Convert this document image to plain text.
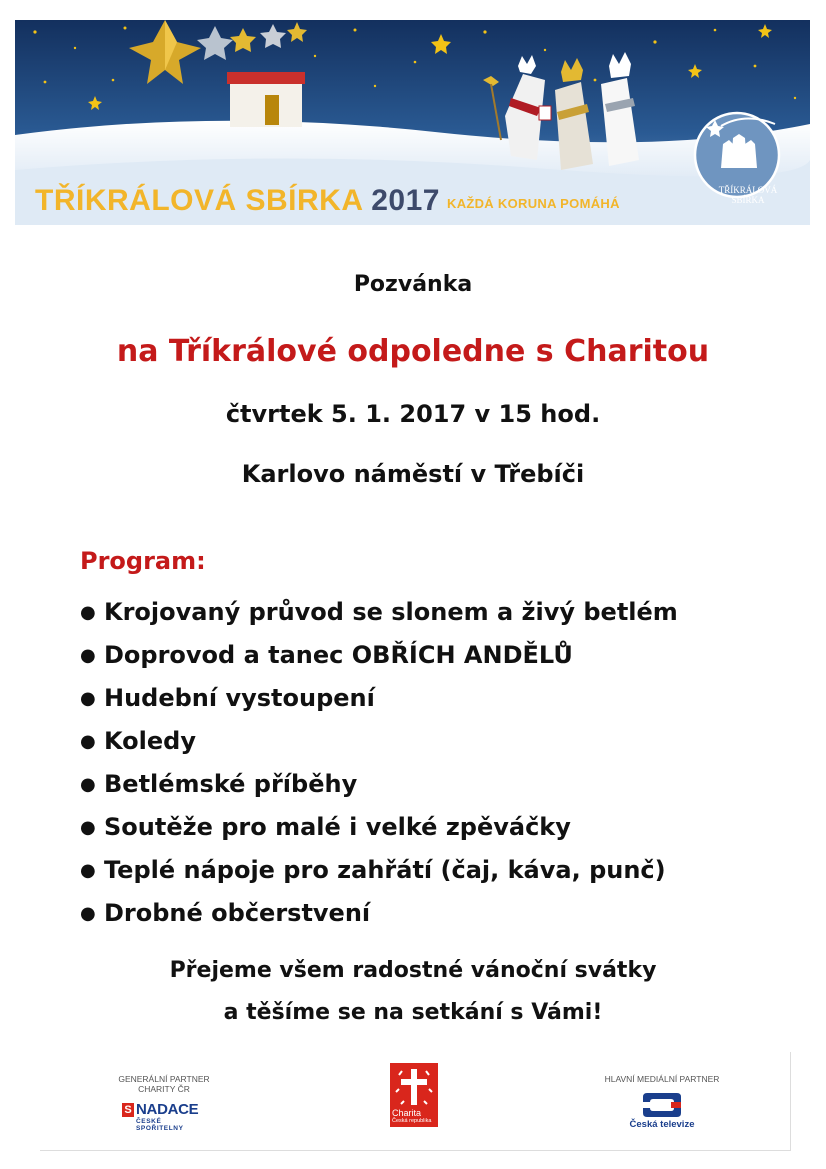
TŘÍKRÁLOVÁ SBÍRKA 2017 KAŽDÁ KORUNA POMÁHÁ
TŘÍKRÁLOVÁ
SBÍRKA
Pozvánka
na Tříkrálové odpoledne s Charitou
čtvrtek 5. 1. 2017 v 15 hod.
Karlovo náměstí v Třebíči
Program:
● Krojovaný průvod se slonem a živý betlém
● Doprovod a tanec OBŘÍCH ANDĚLŮ
● Hudební vystoupení
● Koledy
● Betlémské příběhy
● Soutěže pro malé i velké zpěváčky
● Teplé nápoje pro zahřátí (čaj, káva, punč)
● Drobné občerstvení
Přejeme všem radostné vánoční svátky
a těšíme se na setkání s Vámi!
GENERÁLNÍ PARTNER
CHARITY ČR
S NADACE
ČESKÉ SPOŘITELNY
Charita
Česká republika
HLAVNÍ MEDIÁLNÍ PARTNER
Česká televize
